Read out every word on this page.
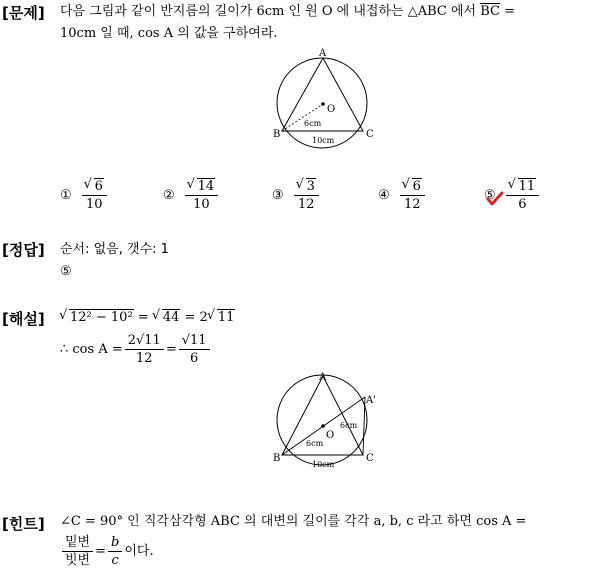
[문제] 다음 그림과 같이 반지름의 길이가 6cm 인 원 O 에 내접하는 △ABC 에서 $\overline{BC}$ =
10cm 일 때, cos A 의 값을 구하여라.
A
B	C
O
6cm
10cm
① √ $\frac{6}{10}$	② √ $\frac{14}{10}$	③ √ $\frac{3}{12}$	④ √ $\frac{6}{12}$	⑤ √ $\frac{11}{6}$
[정답] 순서: 없음, 갯수: 1
⑤
[해설]	√ 12² − 10² = √ 44 = 2 √ 11
∴ $\cos A = \frac{2√11}{12} = \frac{√11}{6}$
A
A'
B	C
O
6cm
6cm
10cm
[힌트] ∠C = 90° 인 직각삼각형 ABC 의 대변의 길이를 각각 a, b, c 라고 하면 cos A =
$\frac{\text{밑변}}{\text{빗변}} = \frac{b}{c}$ 이다.
